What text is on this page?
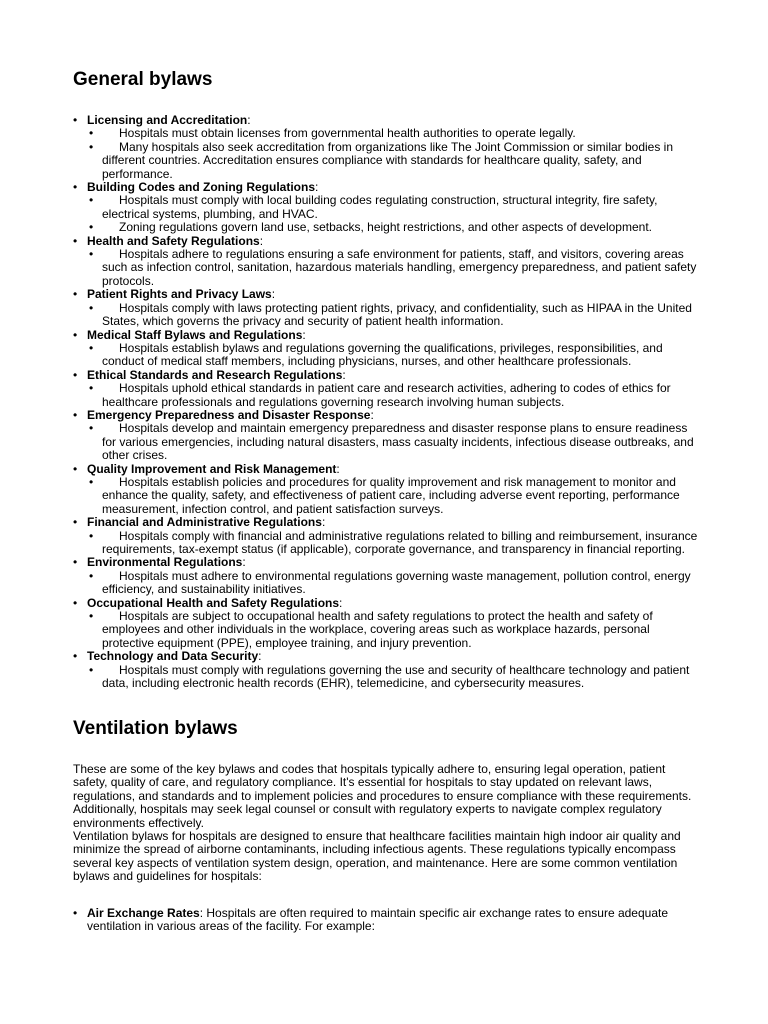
General bylaws
• Licensing and Accreditation:
• Hospitals must obtain licenses from governmental health authorities to operate legally.
• Many hospitals also seek accreditation from organizations like The Joint Commission or similar bodies in different countries. Accreditation ensures compliance with standards for healthcare quality, safety, and performance.
• Building Codes and Zoning Regulations:
• Hospitals must comply with local building codes regulating construction, structural integrity, fire safety, electrical systems, plumbing, and HVAC.
• Zoning regulations govern land use, setbacks, height restrictions, and other aspects of development.
• Health and Safety Regulations:
• Hospitals adhere to regulations ensuring a safe environment for patients, staff, and visitors, covering areas such as infection control, sanitation, hazardous materials handling, emergency preparedness, and patient safety protocols.
• Patient Rights and Privacy Laws:
• Hospitals comply with laws protecting patient rights, privacy, and confidentiality, such as HIPAA in the United States, which governs the privacy and security of patient health information.
• Medical Staff Bylaws and Regulations:
• Hospitals establish bylaws and regulations governing the qualifications, privileges, responsibilities, and conduct of medical staff members, including physicians, nurses, and other healthcare professionals.
• Ethical Standards and Research Regulations:
• Hospitals uphold ethical standards in patient care and research activities, adhering to codes of ethics for healthcare professionals and regulations governing research involving human subjects.
• Emergency Preparedness and Disaster Response:
• Hospitals develop and maintain emergency preparedness and disaster response plans to ensure readiness for various emergencies, including natural disasters, mass casualty incidents, infectious disease outbreaks, and other crises.
• Quality Improvement and Risk Management:
• Hospitals establish policies and procedures for quality improvement and risk management to monitor and enhance the quality, safety, and effectiveness of patient care, including adverse event reporting, performance measurement, infection control, and patient satisfaction surveys.
• Financial and Administrative Regulations:
• Hospitals comply with financial and administrative regulations related to billing and reimbursement, insurance requirements, tax-exempt status (if applicable), corporate governance, and transparency in financial reporting.
• Environmental Regulations:
• Hospitals must adhere to environmental regulations governing waste management, pollution control, energy efficiency, and sustainability initiatives.
• Occupational Health and Safety Regulations:
• Hospitals are subject to occupational health and safety regulations to protect the health and safety of employees and other individuals in the workplace, covering areas such as workplace hazards, personal protective equipment (PPE), employee training, and injury prevention.
• Technology and Data Security:
• Hospitals must comply with regulations governing the use and security of healthcare technology and patient data, including electronic health records (EHR), telemedicine, and cybersecurity measures.
Ventilation bylaws

These are some of the key bylaws and codes that hospitals typically adhere to, ensuring legal operation, patient safety, quality of care, and regulatory compliance. It's essential for hospitals to stay updated on relevant laws, regulations, and standards and to implement policies and procedures to ensure compliance with these requirements. Additionally, hospitals may seek legal counsel or consult with regulatory experts to navigate complex regulatory environments effectively.

Ventilation bylaws for hospitals are designed to ensure that healthcare facilities maintain high indoor air quality and minimize the spread of airborne contaminants, including infectious agents. These regulations typically encompass several key aspects of ventilation system design, operation, and maintenance. Here are some common ventilation bylaws and guidelines for hospitals:

• Air Exchange Rates: Hospitals are often required to maintain specific air exchange rates to ensure adequate ventilation in various areas of the facility. For example:
